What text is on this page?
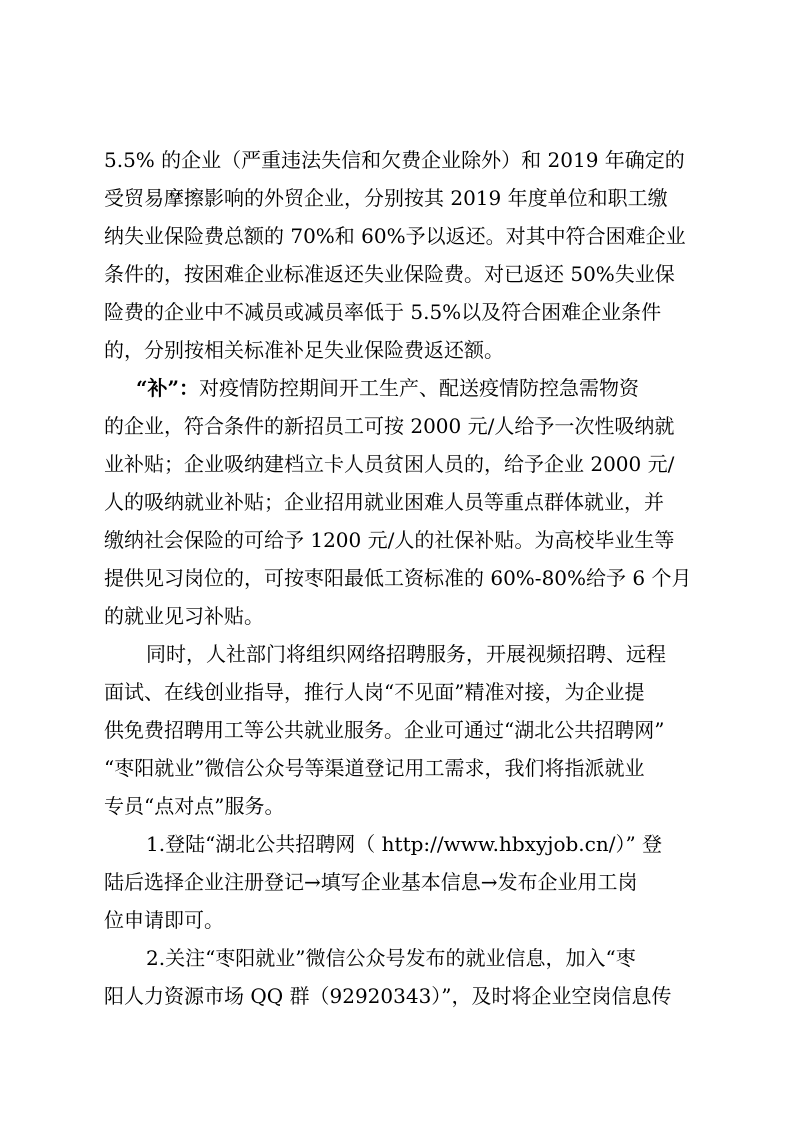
5.5% 的企业（严重违法失信和欠费企业除外）和 2019 年确定的
受贸易摩擦影响的外贸企业，分别按其 2019 年度单位和职工缴
纳失业保险费总额的 70%和 60%予以返还。对其中符合困难企业
条件的，按困难企业标准返还失业保险费。对已返还 50%失业保
险费的企业中不减员或减员率低于 5.5%以及符合困难企业条件
的，分别按相关标准补足失业保险费返还额。
“补”：对疫情防控期间开工生产、配送疫情防控急需物资
的企业，符合条件的新招员工可按 2000 元/人给予一次性吸纳就
业补贴；企业吸纳建档立卡人员贫困人员的，给予企业 2000 元/
人的吸纳就业补贴；企业招用就业困难人员等重点群体就业，并
缴纳社会保险的可给予 1200 元/人的社保补贴。为高校毕业生等
提供见习岗位的，可按枣阳最低工资标准的 60%-80%给予 6 个月
的就业见习补贴。
同时，人社部门将组织网络招聘服务，开展视频招聘、远程
面试、在线创业指导，推行人岗“不见面”精准对接，为企业提
供免费招聘用工等公共就业服务。企业可通过“湖北公共招聘网”
“枣阳就业”微信公众号等渠道登记用工需求，我们将指派就业
专员“点对点”服务。
1.登陆“湖北公共招聘网（ http://www.hbxyjob.cn/）” 登
陆后选择企业注册登记→填写企业基本信息→发布企业用工岗
位申请即可。
2.关注“枣阳就业”微信公众号发布的就业信息，加入“枣
阳人力资源市场 QQ 群（92920343）”，及时将企业空岗信息传
